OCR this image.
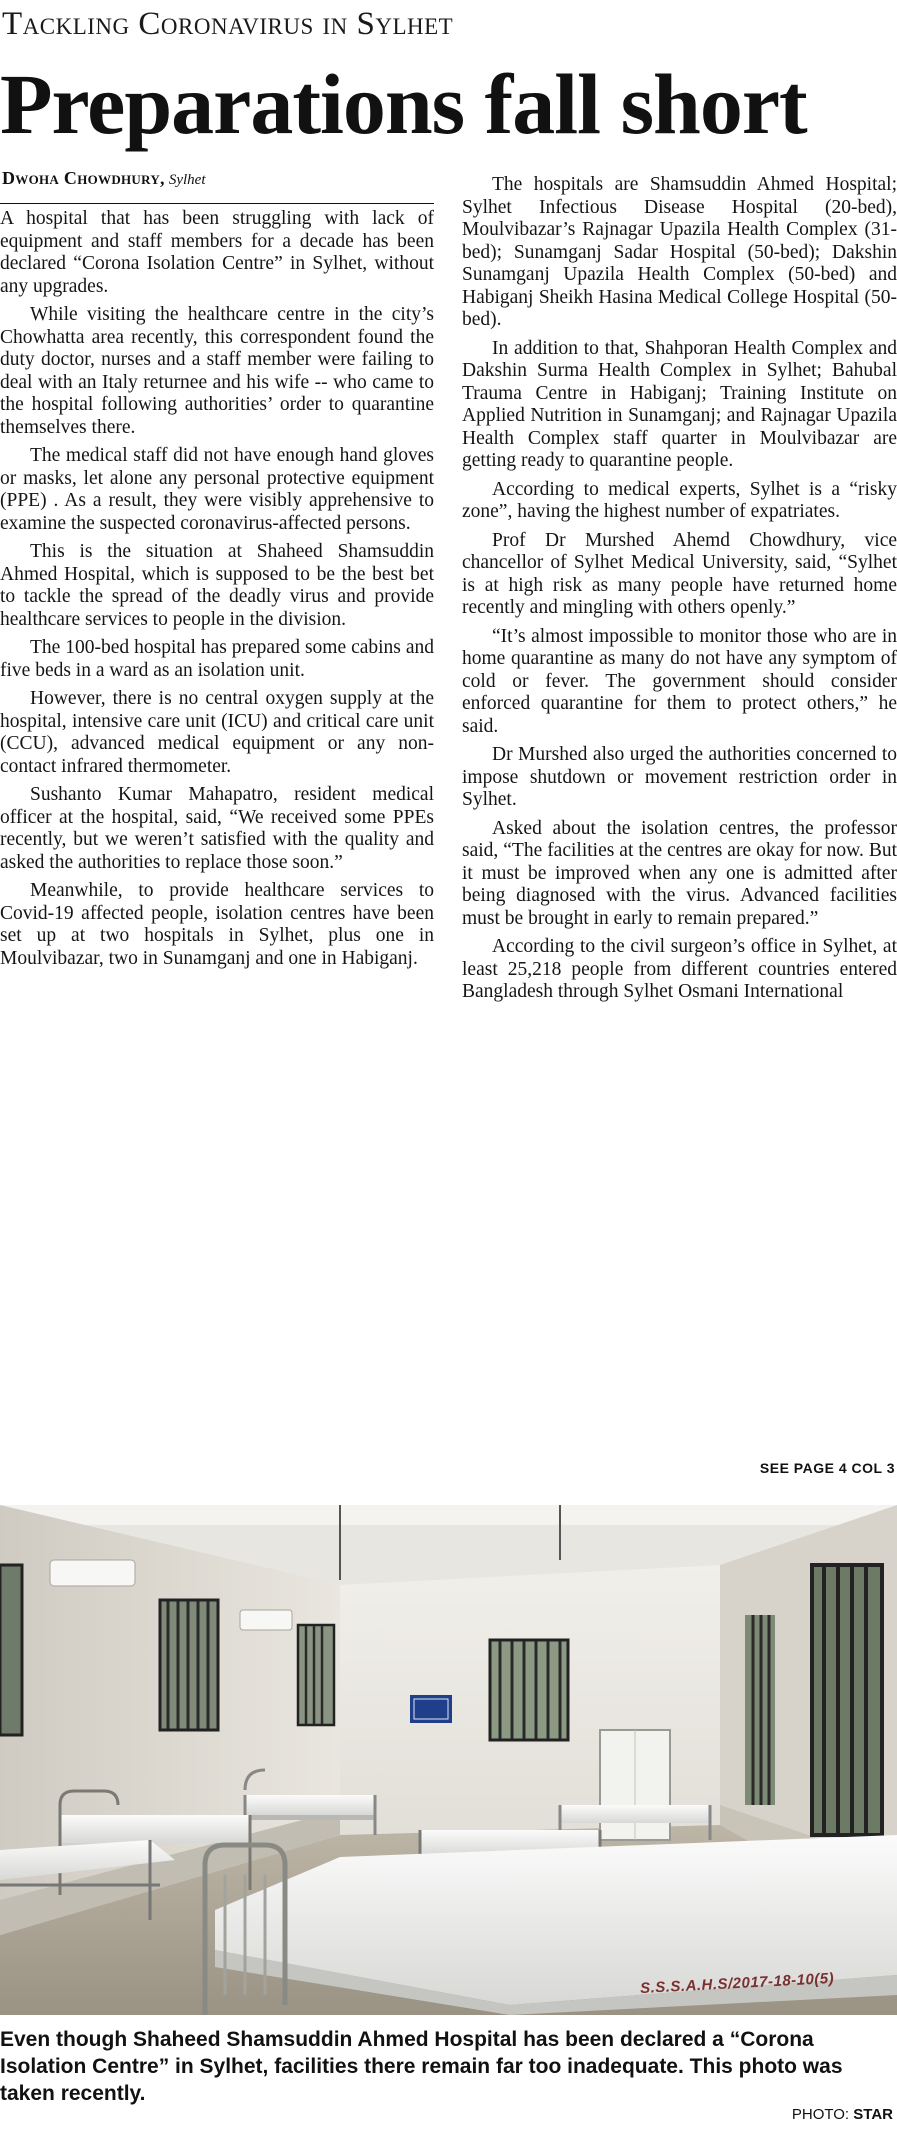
Tackling Coronavirus in Sylhet
Preparations fall short
Dwoha Chowdhury, Sylhet

A hospital that has been struggling with lack of equipment and staff members for a decade has been declared “Corona Isolation Centre” in Sylhet, without any upgrades.

While visiting the healthcare centre in the city’s Chowhatta area recently, this correspondent found the duty doctor, nurses and a staff member were failing to deal with an Italy returnee and his wife -- who came to the hospital following authorities’ order to quarantine themselves there.

The medical staff did not have enough hand gloves or masks, let alone any personal protective equipment (PPE) . As a result, they were visibly apprehensive to examine the suspected coronavirus-affected persons.

This is the situation at Shaheed Shamsuddin Ahmed Hospital, which is supposed to be the best bet to tackle the spread of the deadly virus and provide healthcare services to people in the division.

The 100-bed hospital has prepared some cabins and five beds in a ward as an isolation unit.

However, there is no central oxygen supply at the hospital, intensive care unit (ICU) and critical care unit (CCU), advanced medical equipment or any non-contact infrared thermometer.

Sushanto Kumar Mahapatro, resident medical officer at the hospital, said, “We received some PPEs recently, but we weren’t satisfied with the quality and asked the authorities to replace those soon.”

Meanwhile, to provide healthcare services to Covid-19 affected people, isolation centres have been set up at two hospitals in Sylhet, plus one in Moulvibazar, two in Sunamganj and one in Habiganj.

The hospitals are Shamsuddin Ahmed Hospital; Sylhet Infectious Disease Hospital (20-bed), Moulvibazar’s Rajnagar Upazila Health Complex (31-bed); Sunamganj Sadar Hospital (50-bed); Dakshin Sunamganj Upazila Health Complex (50-bed) and Habiganj Sheikh Hasina Medical College Hospital (50-bed).

In addition to that, Shahporan Health Complex and Dakshin Surma Health Complex in Sylhet; Bahubal Trauma Centre in Habiganj; Training Institute on Applied Nutrition in Sunamganj; and Rajnagar Upazila Health Complex staff quarter in Moulvibazar are getting ready to quarantine people.

According to medical experts, Sylhet is a “risky zone”, having the highest number of expatriates.

Prof Dr Murshed Ahemd Chowdhury, vice chancellor of Sylhet Medical University, said, “Sylhet is at high risk as many people have returned home recently and mingling with others openly.”

“It’s almost impossible to monitor those who are in home quarantine as many do not have any symptom of cold or fever. The government should consider enforced quarantine for them to protect others,” he said.

Dr Murshed also urged the authorities concerned to impose shutdown or movement restriction order in Sylhet.

Asked about the isolation centres, the professor said, “The facilities at the centres are okay for now. But it must be improved when any one is admitted after being diagnosed with the virus. Advanced facilities must be brought in early to remain prepared.”

According to the civil surgeon’s office in Sylhet, at least 25,218 people from different countries entered Bangladesh through Sylhet Osmani International

SEE PAGE 4 COL 3
S.S.S.A.H.S/2017-18-10(5)

Even though Shaheed Shamsuddin Ahmed Hospital has been declared a “Corona Isolation Centre” in Sylhet, facilities there remain far too inadequate. This photo was taken recently.

PHOTO: STAR
